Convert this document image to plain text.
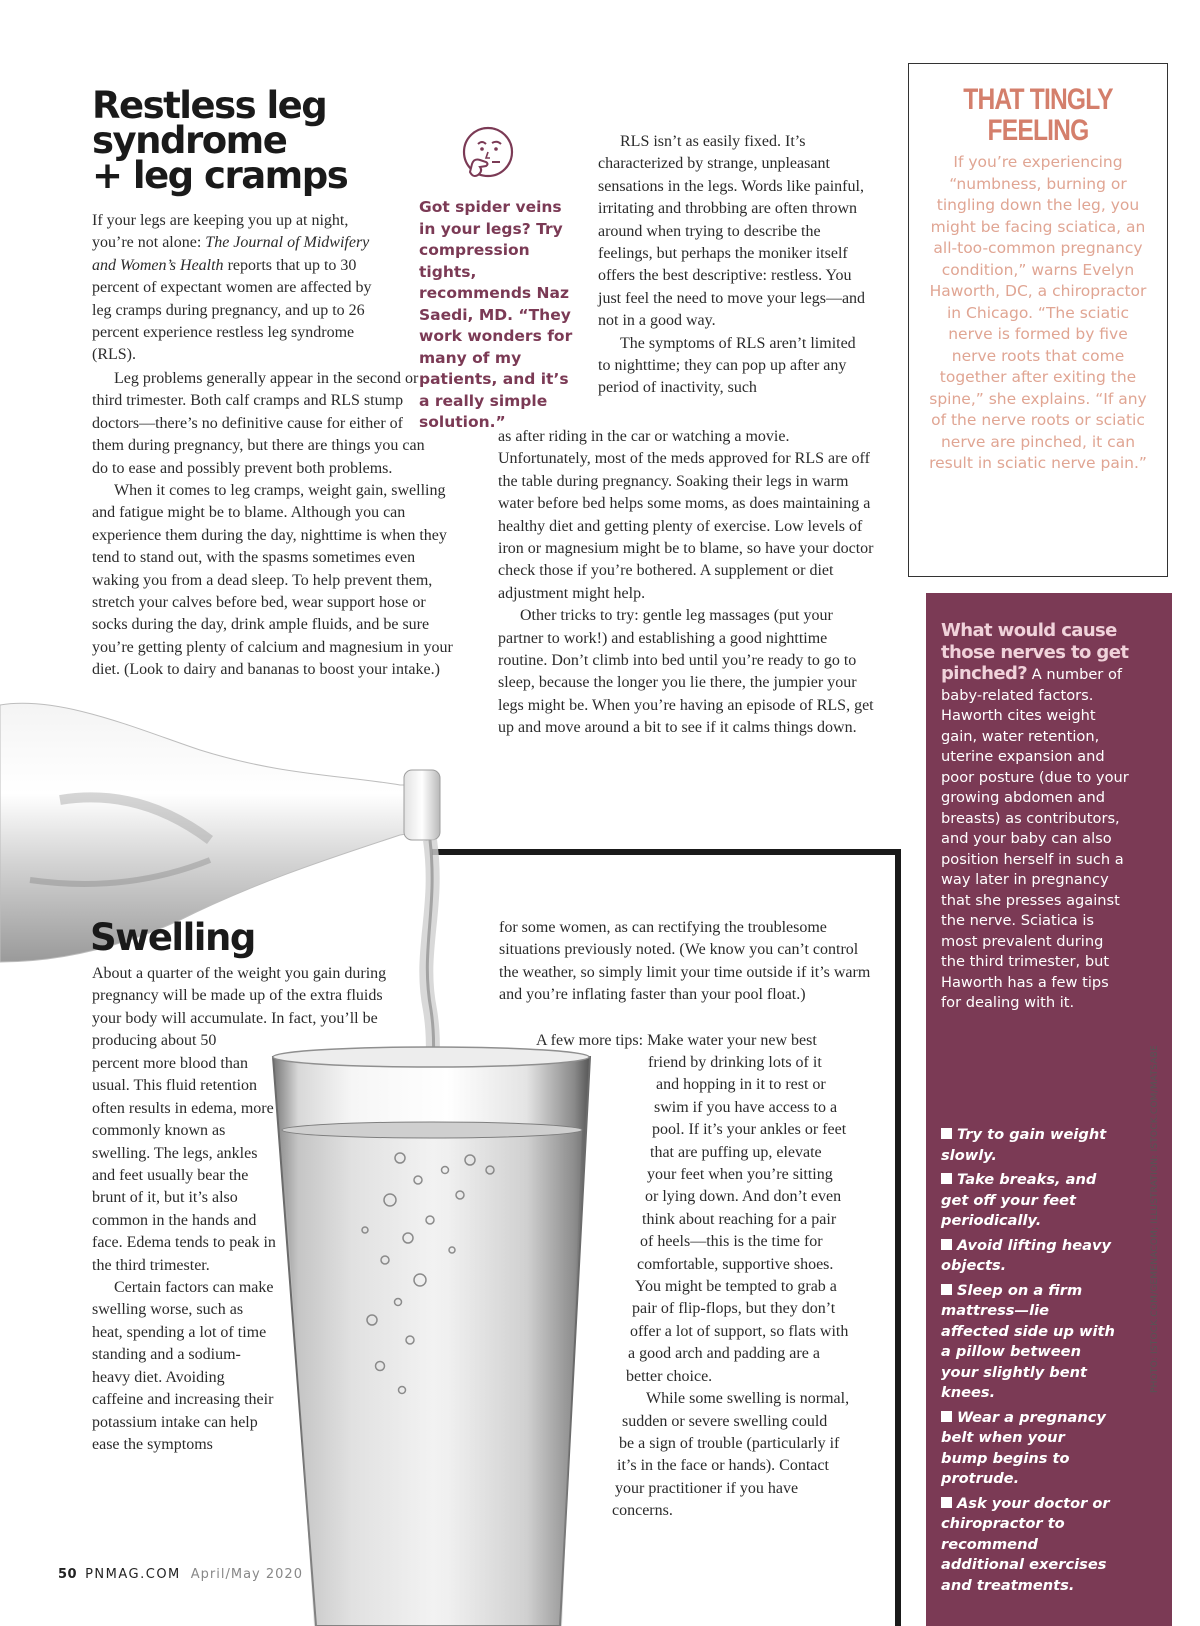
Restless leg
syndrome
+ leg cramps

If your legs are keeping you up at night, you’re not alone: The Journal of Midwifery and Women’s Health reports that up to 30 percent of expectant women are affected by leg cramps during pregnancy, and up to 26 percent experience restless leg syndrome (RLS).

Leg problems generally appear in the second or third trimester. Both calf cramps and RLS stump doctors—there’s no definitive cause for either of them during pregnancy, but there are things you can do to ease and possibly prevent both problems.

When it comes to leg cramps, weight gain, swelling and fatigue might be to blame. Although you can experience them during the day, nighttime is when they tend to stand out, with the spasms sometimes even waking you from a dead sleep. To help prevent them, stretch your calves before bed, wear support hose or socks during the day, drink ample fluids, and be sure you’re getting plenty of calcium and magnesium in your diet. (Look to dairy and bananas to boost your intake.)

Got spider veins in your legs? Try compression tights, recommends Naz Saedi, MD. “They work wonders for many of my patients, and it’s a really simple solution.”

RLS isn’t as easily fixed. It’s characterized by strange, unpleasant sensations in the legs. Words like painful, irritating and throbbing are often thrown around when trying to describe the feelings, but perhaps the moniker itself offers the best descriptive: restless. You just feel the need to move your legs—and not in a good way.

The symptoms of RLS aren’t limited to nighttime; they can pop up after any period of inactivity, such

as after riding in the car or watching a movie. Unfortunately, most of the meds approved for RLS are off the table during pregnancy. Soaking their legs in warm water before bed helps some moms, as does maintaining a healthy diet and getting plenty of exercise. Low levels of iron or magnesium might be to blame, so have your doctor check those if you’re bothered. A supplement or diet adjustment might help.

Other tricks to try: gentle leg massages (put your partner to work!) and establishing a good nighttime routine. Don’t climb into bed until you’re ready to go to sleep, because the longer you lie there, the jumpier your legs might be. When you’re having an episode of RLS, get up and move around a bit to see if it calms things down.

THAT TINGLY
FEELING
If you’re experiencing “numbness, burning or tingling down the leg, you might be facing sciatica, an all-too-common pregnancy condition,” warns Evelyn Haworth, DC, a chiropractor in Chicago. “The sciatic nerve is formed by five nerve roots that come together after exiting the spine,” she explains. “If any of the nerve roots or sciatic nerve are pinched, it can result in sciatic nerve pain.”
What would cause those nerves to get pinched? A number of baby-related factors. Haworth cites weight gain, water retention, uterine expansion and poor posture (due to your growing abdomen and breasts) as contributors, and your baby can also position herself in such a way later in pregnancy that she presses against the nerve. Sciatica is most prevalent during the third trimester, but Haworth has a few tips for dealing with it.
Try to gain weight slowly.
Take breaks, and get off your feet periodically.
Avoid lifting heavy objects.
Sleep on a firm mattress—lie affected side up with a pillow between your slightly bent knees.
Wear a pregnancy belt when your bump begins to protrude.
Ask your doctor or chiropractor to recommend additional exercises and treatments.
PHOTO: ISTOCK.COM/GEMENACOM; ILLUSTRATION: ISTOCK.COM/MATSABE
Swelling
About a quarter of the weight you gain during pregnancy will be made up of the extra fluids your body will accumulate. In fact, you’ll be producing about 50

percent more blood than usual. This fluid retention often results in edema, more commonly known as swelling. The legs, ankles and feet usually bear the brunt of it, but it’s also common in the hands and face. Edema tends to peak in the third trimester.

Certain factors can make swelling worse, such as heat, spending a lot of time standing and a sodium-heavy diet. Avoiding caffeine and increasing their potassium intake can help ease the symptoms

for some women, as can rectifying the troublesome situations previously noted. (We know you can’t control the weather, so simply limit your time outside if it’s warm and you’re inflating faster than your pool float.)
A few more tips: Make water your new best
friend by drinking lots of it
and hopping in it to rest or
swim if you have access to a
pool. If it’s your ankles or feet
that are puffing up, elevate
your feet when you’re sitting
or lying down. And don’t even
think about reaching for a pair
of heels—this is the time for
comfortable, supportive shoes.
You might be tempted to grab a
pair of flip-flops, but they don’t
offer a lot of support, so flats with
a good arch and padding are a
better choice.
While some swelling is normal,
sudden or severe swelling could
be a sign of trouble (particularly if
it’s in the face or hands). Contact
your practitioner if you have
concerns.
50 PNMAG.COM April/May 2020
